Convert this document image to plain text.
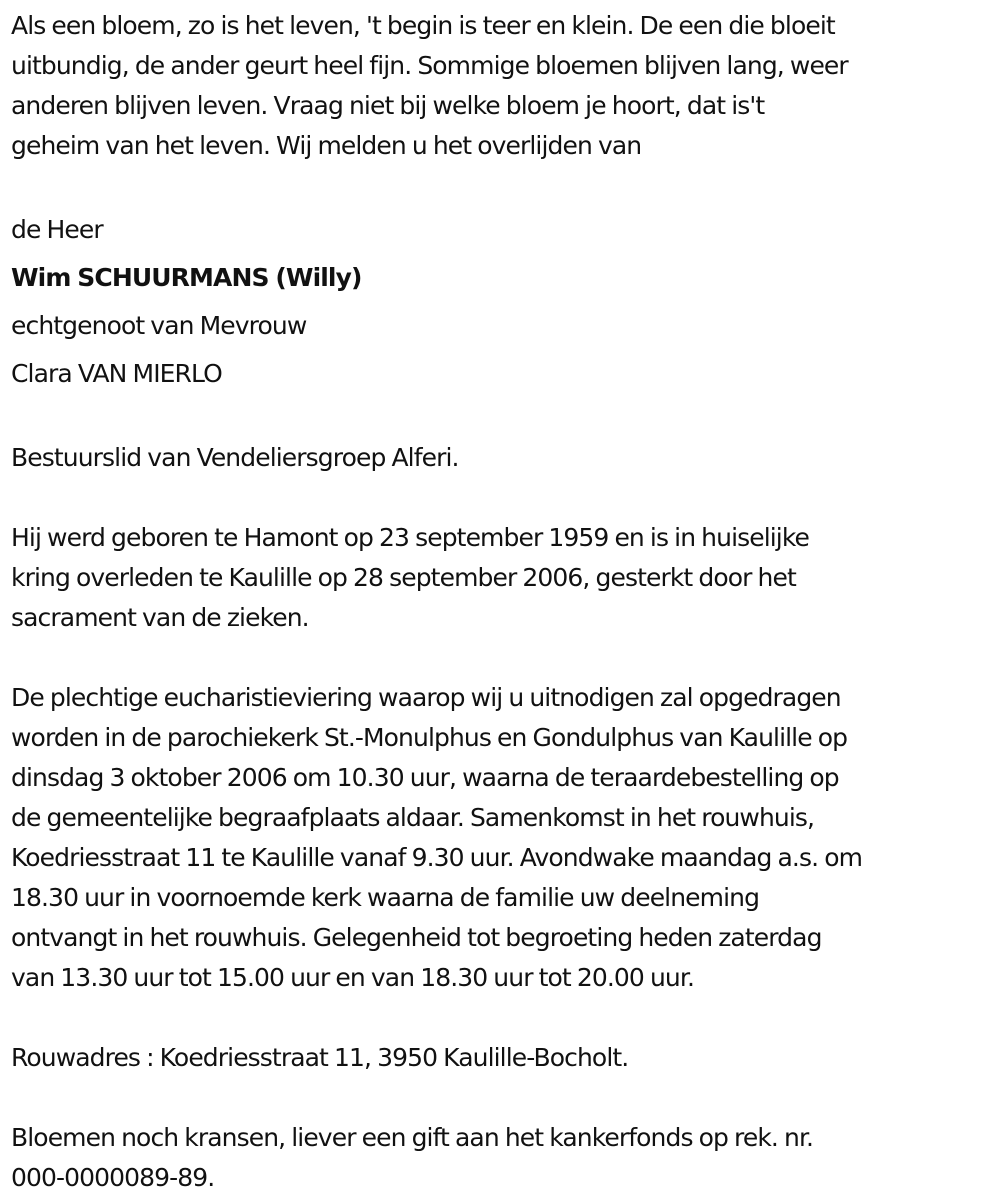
Als een bloem, zo is het leven, 't begin is teer en klein. De een die bloeit
uitbundig, de ander geurt heel fijn. Sommige bloemen blijven lang, weer
anderen blijven leven. Vraag niet bij welke bloem je hoort, dat is't
geheim van het leven. Wij melden u het overlijden van
de Heer
Wim SCHUURMANS (Willy)
echtgenoot van Mevrouw
Clara VAN MIERLO
Bestuurslid van Vendeliersgroep Alferi.
Hij werd geboren te Hamont op 23 september 1959 en is in huiselijke
kring overleden te Kaulille op 28 september 2006, gesterkt door het
sacrament van de zieken.
De plechtige eucharistieviering waarop wij u uitnodigen zal opgedragen
worden in de parochiekerk St.-Monulphus en Gondulphus van Kaulille op
dinsdag 3 oktober 2006 om 10.30 uur, waarna de teraardebestelling op
de gemeentelijke begraafplaats aldaar. Samenkomst in het rouwhuis,
Koedriesstraat 11 te Kaulille vanaf 9.30 uur. Avondwake maandag a.s. om
18.30 uur in voornoemde kerk waarna de familie uw deelneming
ontvangt in het rouwhuis. Gelegenheid tot begroeting heden zaterdag
van 13.30 uur tot 15.00 uur en van 18.30 uur tot 20.00 uur.
Rouwadres : Koedriesstraat 11, 3950 Kaulille-Bocholt.
Bloemen noch kransen, liever een gift aan het kankerfonds op rek. nr.
000-0000089-89.
